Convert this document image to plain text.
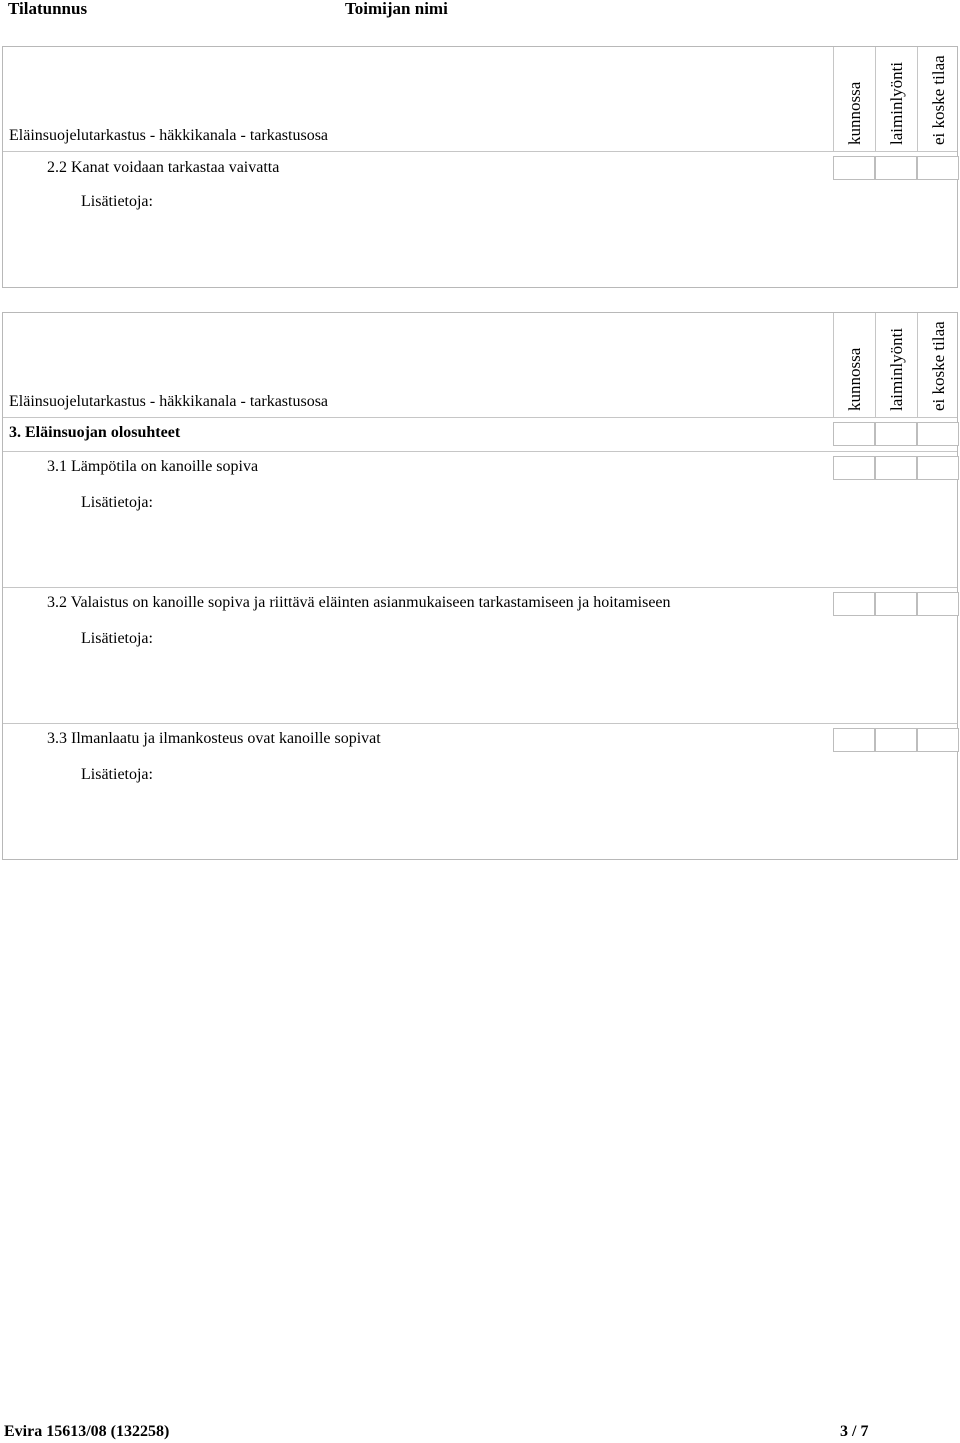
Tilatunnus	Toimijan nimi
kunnossa laiminlyönti ei koske tilaa
Eläinsuojelutarkastus - häkkikanala - tarkastusosa
2.2 Kanat voidaan tarkastaa vaivatta
Lisätietoja:
kunnossa laiminlyönti ei koske tilaa
Eläinsuojelutarkastus - häkkikanala - tarkastusosa
3. Eläinsuojan olosuhteet
3.1 Lämpötila on kanoille sopiva
Lisätietoja:
3.2 Valaistus on kanoille sopiva ja riittävä eläinten asianmukaiseen tarkastamiseen ja hoitamiseen
Lisätietoja:
3.3 Ilmanlaatu ja ilmankosteus ovat kanoille sopivat
Lisätietoja:
Evira 15613/08 (132258)	3 / 7
